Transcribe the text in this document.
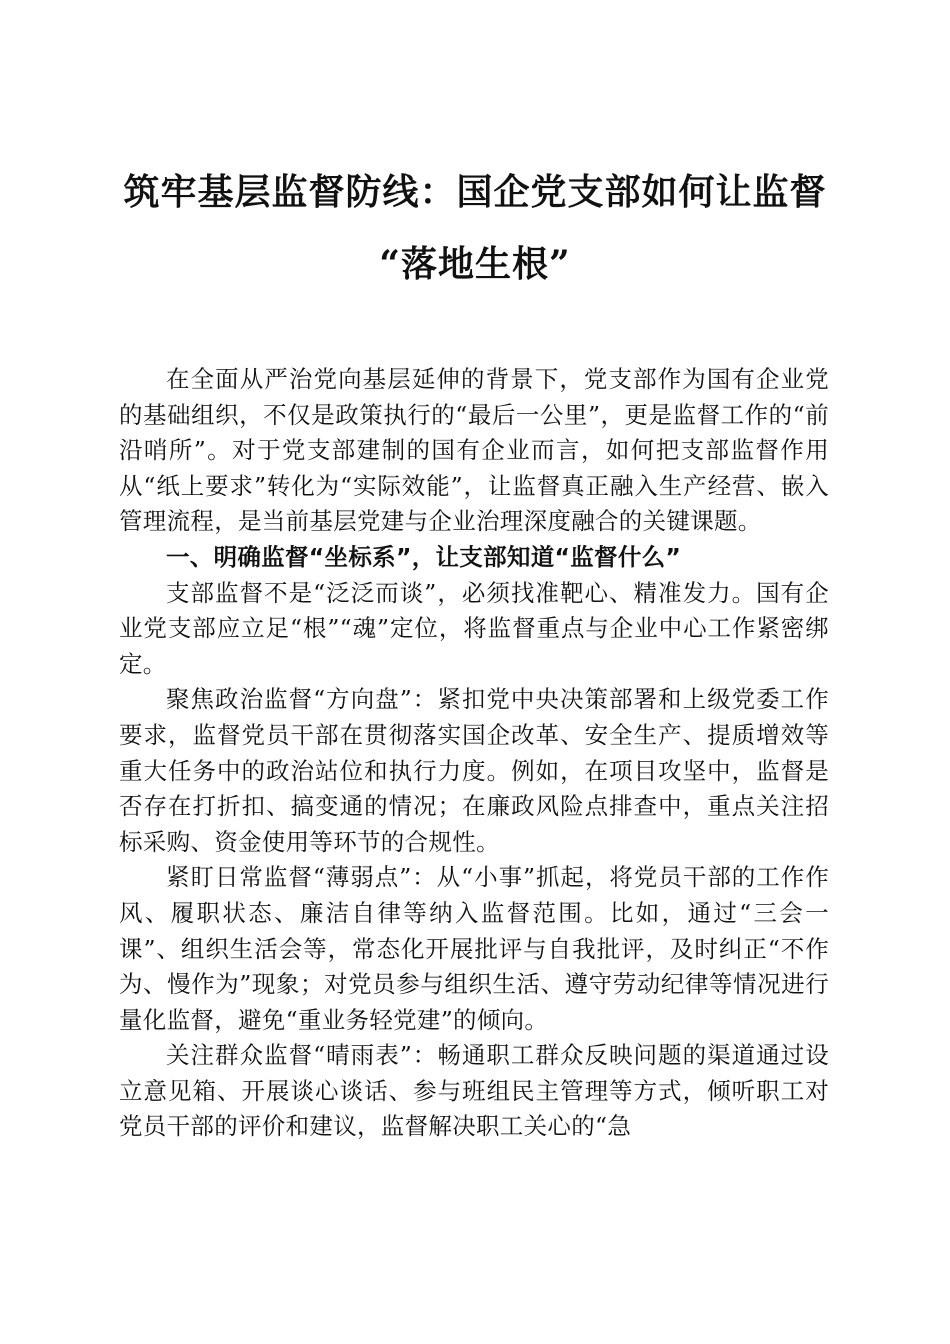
筑牢基层监督防线：国企党支部如何让监督
“落地生根”

在全面从严治党向基层延伸的背景下，党支部作为国有企业党的基础组织，不仅是政策执行的“最后一公里”，更是监督工作的“前沿哨所”。对于党支部建制的国有企业而言，如何把支部监督作用从“纸上要求”转化为“实际效能”，让监督真正融入生产经营、嵌入管理流程，是当前基层党建与企业治理深度融合的关键课题。

一、明确监督“坐标系”，让支部知道“监督什么”

支部监督不是“泛泛而谈”，必须找准靶心、精准发力。国有企业党支部应立足“根”“魂”定位，将监督重点与企业中心工作紧密绑定。

聚焦政治监督“方向盘”：紧扣党中央决策部署和上级党委工作要求，监督党员干部在贯彻落实国企改革、安全生产、提质增效等重大任务中的政治站位和执行力度。例如，在项目攻坚中，监督是否存在打折扣、搞变通的情况；在廉政风险点排查中，重点关注招标采购、资金使用等环节的合规性。

紧盯日常监督“薄弱点”：从“小事”抓起，将党员干部的工作作风、履职状态、廉洁自律等纳入监督范围。比如，通过“三会一课”、组织生活会等，常态化开展批评与自我批评，及时纠正“不作为、慢作为”现象；对党员参与组织生活、遵守劳动纪律等情况进行量化监督，避免“重业务轻党建”的倾向。

关注群众监督“晴雨表”：畅通职工群众反映问题的渠道通过设立意见箱、开展谈心谈话、参与班组民主管理等方式，倾听职工对党员干部的评价和建议，监督解决职工关心的“急
